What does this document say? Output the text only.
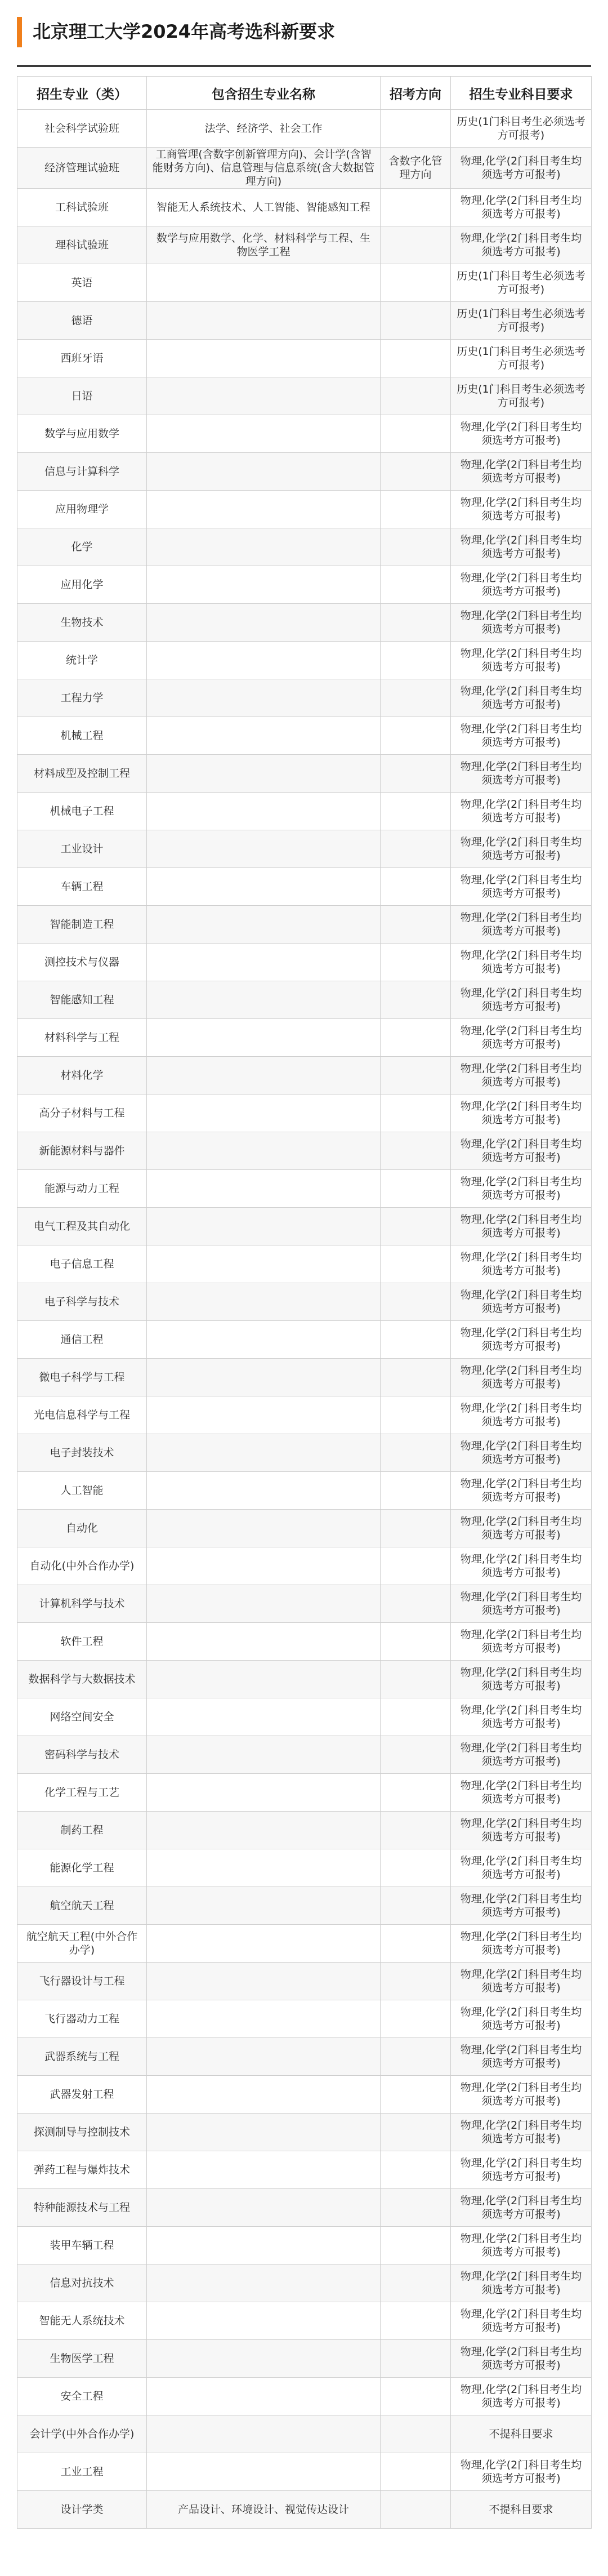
北京理工大学2024年高考选科新要求
招生专业（类）	包含招生专业名称	招考方向	招生专业科目要求
社会科学试验班	法学、经济学、社会工作		历史(1门科目考生必须选考方可报考)
经济管理试验班	工商管理(含数字创新管理方向)、会计学(含智能财务方向)、信息管理与信息系统(含大数据管理方向)	含数字化管理方向	物理,化学(2门科目考生均须选考方可报考)
工科试验班	智能无人系统技术、人工智能、智能感知工程		物理,化学(2门科目考生均须选考方可报考)
理科试验班	数学与应用数学、化学、材料科学与工程、生物医学工程		物理,化学(2门科目考生均须选考方可报考)
英语			历史(1门科目考生必须选考方可报考)
德语			历史(1门科目考生必须选考方可报考)
西班牙语			历史(1门科目考生必须选考方可报考)
日语			历史(1门科目考生必须选考方可报考)
数学与应用数学			物理,化学(2门科目考生均须选考方可报考)
信息与计算科学			物理,化学(2门科目考生均须选考方可报考)
应用物理学			物理,化学(2门科目考生均须选考方可报考)
化学			物理,化学(2门科目考生均须选考方可报考)
应用化学			物理,化学(2门科目考生均须选考方可报考)
生物技术			物理,化学(2门科目考生均须选考方可报考)
统计学			物理,化学(2门科目考生均须选考方可报考)
工程力学			物理,化学(2门科目考生均须选考方可报考)
机械工程			物理,化学(2门科目考生均须选考方可报考)
材料成型及控制工程			物理,化学(2门科目考生均须选考方可报考)
机械电子工程			物理,化学(2门科目考生均须选考方可报考)
工业设计			物理,化学(2门科目考生均须选考方可报考)
车辆工程			物理,化学(2门科目考生均须选考方可报考)
智能制造工程			物理,化学(2门科目考生均须选考方可报考)
测控技术与仪器			物理,化学(2门科目考生均须选考方可报考)
智能感知工程			物理,化学(2门科目考生均须选考方可报考)
材料科学与工程			物理,化学(2门科目考生均须选考方可报考)
材料化学			物理,化学(2门科目考生均须选考方可报考)
高分子材料与工程			物理,化学(2门科目考生均须选考方可报考)
新能源材料与器件			物理,化学(2门科目考生均须选考方可报考)
能源与动力工程			物理,化学(2门科目考生均须选考方可报考)
电气工程及其自动化			物理,化学(2门科目考生均须选考方可报考)
电子信息工程			物理,化学(2门科目考生均须选考方可报考)
电子科学与技术			物理,化学(2门科目考生均须选考方可报考)
通信工程			物理,化学(2门科目考生均须选考方可报考)
微电子科学与工程			物理,化学(2门科目考生均须选考方可报考)
光电信息科学与工程			物理,化学(2门科目考生均须选考方可报考)
电子封装技术			物理,化学(2门科目考生均须选考方可报考)
人工智能			物理,化学(2门科目考生均须选考方可报考)
自动化			物理,化学(2门科目考生均须选考方可报考)
自动化(中外合作办学)			物理,化学(2门科目考生均须选考方可报考)
计算机科学与技术			物理,化学(2门科目考生均须选考方可报考)
软件工程			物理,化学(2门科目考生均须选考方可报考)
数据科学与大数据技术			物理,化学(2门科目考生均须选考方可报考)
网络空间安全			物理,化学(2门科目考生均须选考方可报考)
密码科学与技术			物理,化学(2门科目考生均须选考方可报考)
化学工程与工艺			物理,化学(2门科目考生均须选考方可报考)
制药工程			物理,化学(2门科目考生均须选考方可报考)
能源化学工程			物理,化学(2门科目考生均须选考方可报考)
航空航天工程			物理,化学(2门科目考生均须选考方可报考)
航空航天工程(中外合作办学)			物理,化学(2门科目考生均须选考方可报考)
飞行器设计与工程			物理,化学(2门科目考生均须选考方可报考)
飞行器动力工程			物理,化学(2门科目考生均须选考方可报考)
武器系统与工程			物理,化学(2门科目考生均须选考方可报考)
武器发射工程			物理,化学(2门科目考生均须选考方可报考)
探测制导与控制技术			物理,化学(2门科目考生均须选考方可报考)
弹药工程与爆炸技术			物理,化学(2门科目考生均须选考方可报考)
特种能源技术与工程			物理,化学(2门科目考生均须选考方可报考)
装甲车辆工程			物理,化学(2门科目考生均须选考方可报考)
信息对抗技术			物理,化学(2门科目考生均须选考方可报考)
智能无人系统技术			物理,化学(2门科目考生均须选考方可报考)
生物医学工程			物理,化学(2门科目考生均须选考方可报考)
安全工程			物理,化学(2门科目考生均须选考方可报考)
会计学(中外合作办学)			不提科目要求
工业工程			物理,化学(2门科目考生均须选考方可报考)
设计学类	产品设计、环境设计、视觉传达设计		不提科目要求
